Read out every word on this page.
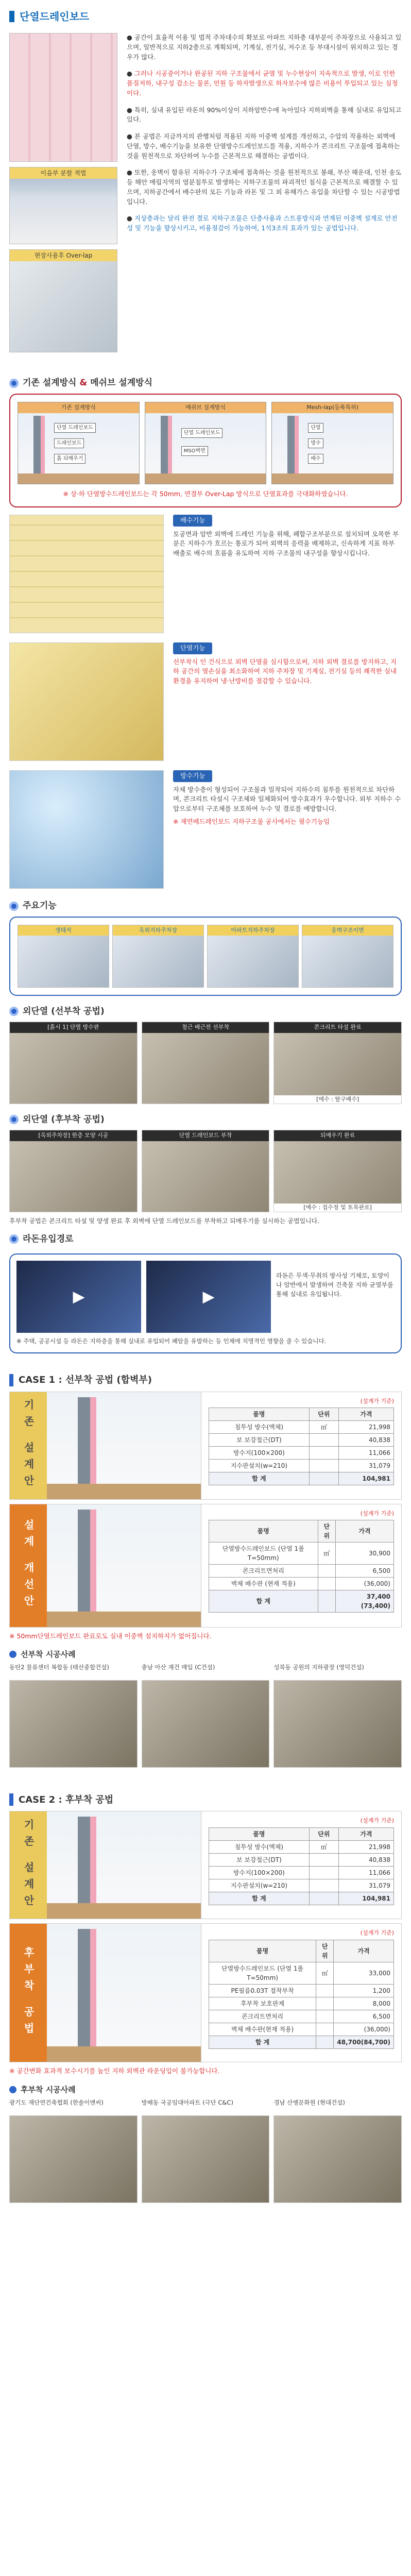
단열드레인보드
이음부 분할 적법
현장사용후 Over-lap

● 공간이 효율적 이용 및 법적 주차대수의 확보로 아파트 지하층 대부분이 주차장으로 사용되고 있으며, 일반적으로 지하2층으로 계획되며, 기계실, 전기실, 저수조 등 부대시설이 위치하고 있는 경우가 많다.

● 그러나 시공중이거나 완공된 지하 구조물에서 균열 및 누수현상이 지속적으로 발생, 이로 인한 품질저하, 내구성 감소는 물론, 민원 등 하자발생으로 하자보수에 많은 비용이 투입되고 있는 실정이다.

● 특히, 실내 유입된 라돈의 90%이상이 지하암반수에 녹아있다 지하외벽을 통해 실내로 유입되고 있다.

● 본 공법은 지금까지의 관행처럼 적용된 지하 이중벽 설계를 개선하고, 수압의 작용하는 외벽에 단열, 방수, 배수기능을 보유한 단열방수드레인보드를 적용, 지하수가 콘크리트 구조물에 접촉하는 것을 원천적으로 차단하여 누수를 근본적으로 해결하는 공법이다.

● 또한, 옹벽이 합유된 지하수가 구조체에 접촉하는 것을 원천적으로 봉쇄, 부산 해운대, 인천 송도등 해안 매립지역의 염분침투로 발생하는 지하구조물의 파괴적인 침식을 근본적으로 해결할 수 있으며, 지하공간에서 배수판의 모든 기능과 라돈 및 그 외 유해가스 유입을 차단할 수 있는 시공방법입니다.

● 지상층과는 달리 완전 결로 지하구조물은 단층사용과 스트롱방식과 연계된 이중벽 설계로 안전성 및 기능을 향상시키고, 비용절감이 가능하여, 1석3조의 효과가 있는 공법입니다.

기존 설계방식 & 메쉬브 설계방식
기존 설계방식
단열 드레인보드
드레인보드
흙 되메우기
메쉬브 설계방식
단열 드레인보드
MSO벽면
Mesh-lap(등록특허)
단열
방수
배수
※ 상·하 단열방수드레인보드는 각 50mm, 연결부 Over-Lap 방식으로 단열효과를 극대화하였습니다.
배수기능

토공면과 암반 외벽에 드레인 기능을 위해, 폐합구조부분으로 설치되며 오목한 부분은 지하수가 흐르는 통로가 되어 외벽의 응력을 배제하고, 신속하게 지표 하부 배출로 배수의 흐름을 유도하여 지하 구조물의 내구성을 향상시킵니다.

단열기능

선부착식 인 건식으로 외벽 단열을 실시함으로써, 지하 외벽 결로를 방지하고, 지하 공간의 열손실을 최소화하여 지하 주차장 및 기계실, 전기실 등의 쾌적한 실내환경을 유지하여 냉·난방비를 절감할 수 있습니다.

방수기능

자체 방수층이 형성되어 구조물과 밀착되어 지하수의 침투를 원천적으로 차단하며, 콘크리트 타설시 구조체와 일체화되어 방수효과가 우수합니다. 외부 지하수 수압으로부터 구조체를 보호하여 누수 및 결로를 예방합니다.

※ 제연배드레인보드 지하구조물 공사에서는 필수기능임

주요기능
생태지	옥외지하주차장	아파트지하주차장	옹벽구조이면
외단열 (선부착 공법)
[흙시 1] 단열 방수판	철근 배근전 선부착	콘크리트 타설 완료
[메수 : 탈구배수]
외단열 (후부착 공법)
[옥외주차장] 한층 모양 시공	단열 드레인보드 부착	되메우기 완료
[메수 : 집수정 및 토목관로]
후부착 공법은 콘크리트 타설 및 양생 완료 후 외벽에 단열 드레인보드를 부착하고 되메우기를 실시하는 공법입니다.
라돈유입경로
▶	▶
라돈은 무색·무취의 방사성 기체로, 토양이나 암반에서 발생하여 건축물 지하 균열부를 통해 실내로 유입됩니다.
※ 주택, 공공시설 등 라돈은 지하층을 통해 실내로 유입되어 폐암을 유발하는 등 인체에 치명적인 영향을 줄 수 있습니다.
CASE 1 : 선부착 공법 (합벽부)
기존 설계안	(설계가 기준)
품명	단위	가격
침투성 방수(액체)	㎡	21,998
보 보강철근(DT)		40,838
방수지(100×200)		11,066
지수판설치(w=210)		31,079
합 계		104,981
설계 개선안
(설계가 기준)
품명	단위	가격
단열방수드레인보드 (단열 1롤 T=50mm)	㎡	30,900
콘크리트면처리		6,500
벽체 배수판 (현재 적용)		(36,000)
합 계		37,400 (73,400)
※ 50mm단열드레인보드 완료로도 실내 이중벽 설치하지가 없어집니다.
선부착 시공사례
동탄2 물류센터 복합동 (태산종합건설)	충남 아산 재건 매입 (C건설)	성북동 공원의 지하광장 (영덕건설)
CASE 2 : 후부착 공법
기존 설계안	(설계가 기준)
품명	단위	가격
침투성 방수(액체)	㎡	21,998
보 보강철근(DT)		40,838
방수지(100×200)		11,066
지수판설치(w=210)		31,079
합 계		104,981
후부착 공법
(설계가 기준)
품명	단위	가격
단열방수드레인보드 (단열 1롤 T=50mm)	㎡	33,000
PE필름0.03T 접착부착		1,200
후부착 보호판제		8,000
콘크리트면처리		6,500
벽체 배수판(현재 적용)		(36,000)
합 계		48,700(84,700)
※ 공간변화 효과적 보수시기를 높인 지하 외벽관 라운딩입이 불가능합니다.
후부착 시공사례
광기도 재단연건축협회 (한솔이앤씨)	방배동 국공임대아파트 (극단 C&C)	경남 산엥문화원 (현대건설)
